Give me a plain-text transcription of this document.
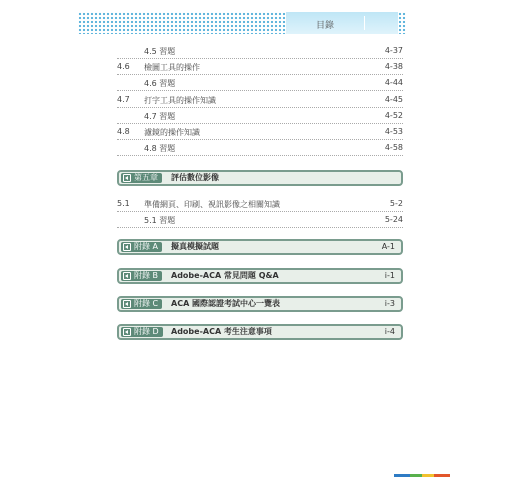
目錄
4.5 習題	4-37
4.6 檢圖工具的操作	4-38
4.6 習題	4-44
4.7 打字工具的操作知識	4-45
4.7 習題	4-52
4.8 濾鏡的操作知識	4-53
4.8 習題	4-58
第五章 評估數位影像
5.1 準備網頁、印刷、視訊影像之相關知識	5-2
5.1 習題	5-24
附錄 A 擬真模擬試題	A-1
附錄 B Adobe-ACA 常見問題 Q&A	i-1
附錄 C ACA 國際認證考試中心一覽表	i-3
附錄 D Adobe-ACA 考生注意事項	i-4
